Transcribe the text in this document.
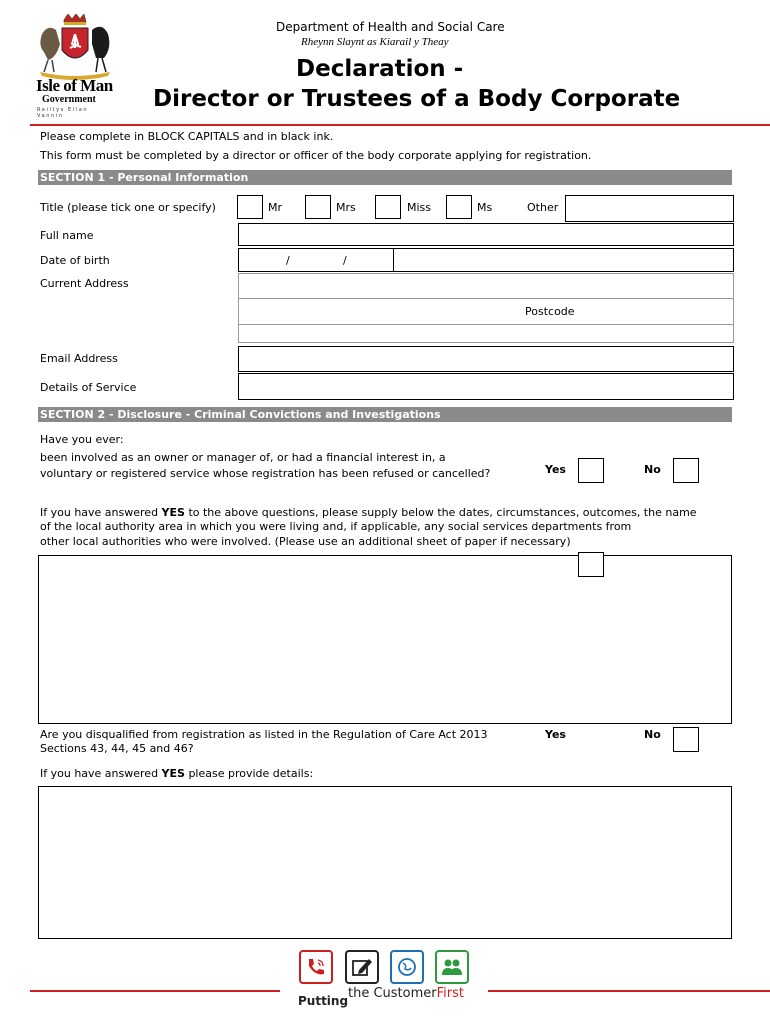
Isle of Man
Government
Reiltys Ellan Vannin
Department of Health and Social Care
Rheynn Slaynt as Kiarail y Theay
Declaration -
Director or Trustees of a Body Corporate
Please complete in BLOCK CAPITALS and in black ink.
This form must be completed by a director or officer of the body corporate applying for registration.
SECTION 1 - Personal Information
Title (please tick one or specify)	Mr	Mrs	Miss	Ms	Other
Full name
Date of birth	/	/
Current Address
Postcode
Email Address
Details of Service
SECTION 2 - Disclosure - Criminal Convictions and Investigations
Have you ever:
been involved as an owner or manager of, or had a financial interest in, a
voluntary or registered service whose registration has been refused or cancelled?	Yes	No
If you have answered YES to the above questions, please supply below the dates, circumstances, outcomes, the name
of the local authority area in which you were living and, if applicable, any social services departments from
other local authorities who were involved. (Please use an additional sheet of paper if necessary)
Are you disqualified from registration as listed in the Regulation of Care Act 2013
Sections 43, 44, 45 and 46?
Yes	No
If you have answered YES please provide details:
Putting the CustomerFirst
